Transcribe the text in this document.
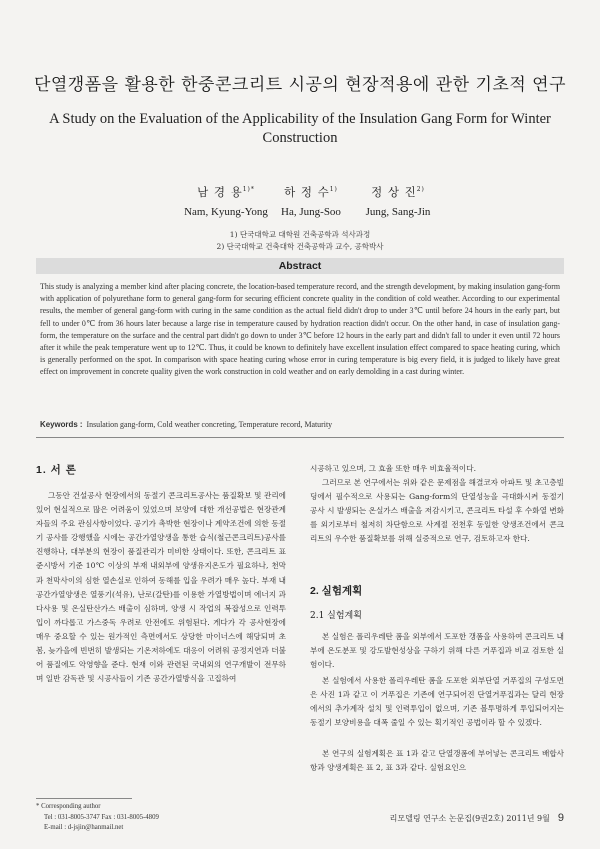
단열갱폼을 활용한 한중콘크리트 시공의 현장적용에 관한 기초적 연구
A Study on the Evaluation of the Applicability of the Insulation Gang Form for Winter Construction
남 경 용$^{1)*}$
Nam, Kyung-Yong
하 정 수$^{1)}$
Ha, Jung-Soo
정 상 진$^{2)}$
Jung, Sang-Jin
1) 단국대학교 대학원 건축공학과 석사과정
2) 단국대학교 건축대학 건축공학과 교수, 공학박사
Abstract
This study is analyzing a member kind after placing concrete, the location-based temperature record, and the strength development, by making insulation gang-form with application of polyurethane form to general gang-form for securing efficient concrete quality in the condition of cold weather. According to our experimental results, the member of general gang-form with curing in the same condition as the actual field didn't drop to under 3℃ until before 24 hours in the early part, but fell to under 0℃ from 36 hours later because a large rise in temperature caused by hydration reaction didn't occur. On the other hand, in case of insulation gang-form, the temperature on the surface and the central part didn't go down to under 3℃ before 12 hours in the early part and didn't fall to under it even until 72 hours after it while the peak temperature went up to 12℃. Thus, it could be known to definitely have excellent insulation effect compared to space heating curing, which is generally performed on the spot. In comparison with space heating curing whose error in curing temperature is big every field, it is judged to likely have great effect on improvement in concrete quality given the work construction in cold weather and on early demolding in a cast during winter.
Keywords : Insulation gang-form, Cold weather concreting, Temperature record, Maturity
1. 서 론
그동안 건설공사 현장에서의 동절기 콘크리트공사는 품질확보 및 관리에 있어 현실적으로 많은 어려움이 있었으며 보양에 대한 개선공법은 현장관계자들의 주요 관심사항이었다. 공기가 촉박한 현장이나 계약조건에 의한 동절기 공사를 강행했을 시에는 공간가열양생을 통한 습식(철근콘크리트)공사를 진행하나, 대부분의 현장이 품질관리가 미비한 상태이다. 또한, 콘크리트 표준시방서 기준 10℃ 이상의 부재 내외부에 양생유지온도가 필요하나, 천막과 천막사이의 심한 열손실로 인하여 동해를 입을 우려가 매우 높다. 부재 내 공간가열양생은 열풍기(석유), 난로(갈탄)를 이용한 가열방법이며 에너지 과다사용 및 온실탄산가스 배출이 심하며, 양생 시 작업의 복잡성으로 인력투입이 까다롭고 가스중독 우려로 안전에도 위험된다. 게다가 각 공사현장에 매우 중요할 수 있는 원가적인 측면에서도 상당한 마이너스에 해당되며 초봄, 늦가을에 빈번히 발생되는 기온저하에도 대응이 어려워 공정지연과 더불어 품질에도 악영향을 준다. 현재 이와 관련된 국내외의 연구개발이 전무하며 일반 감독관 및 시공사들이 기존 공간가열방식을 고집하여
시공하고 있으며, 그 효율 또한 매우 비효율적이다.
그러므로 본 연구에서는 위와 같은 문제점을 해결코자 아파트 및 초고층빌딩에서 필수적으로 사용되는 Gang-form의 단열성능을 극대화시켜 동절기 공사 시 발생되는 온실가스 배출을 저감시키고, 콘크리트 타설 후 수화열 변화를 외기로부터 철저히 차단함으로 사계절 전천후 동일한 양생조건에서 콘크리트의 우수한 품질확보를 위해 실증적으로 연구, 검토하고자 한다.
2. 실험계획
2.1 실험계획
본 실험은 폴리우레탄 폼을 외부에서 도포한 갱폼을 사용하여 콘크리트 내부에 온도분포 및 강도발현성상을 구하기 위해 다른 거푸집과 비교 검토한 실험이다.
본 실험에서 사용한 폴리우레탄 폼을 도포한 외부단열 거푸집의 구성도면은 사진 1과 같고 이 거푸집은 기존에 연구되어진 단열거푸집과는 달리 현장에서의 추가계작 설치 및 인력투입이 없으며, 기존 볼투명하게 투입되어지는 동절기 보양비용을 대폭 줄일 수 있는 획기적인 공법이라 할 수 있겠다.
본 연구의 실험계획은 표 1과 같고 단열갱폼에 부어넣는 콘크리트 배합사항과 양생계획은 표 2, 표 3과 같다. 실험요인으
* Corresponding author
Tel : 031-8005-3747 Fax : 031-8005-4809
E-mail : d-jsjin@hanmail.net
리모델링 연구소 논문집(9권2호) 2011년 9월 9
